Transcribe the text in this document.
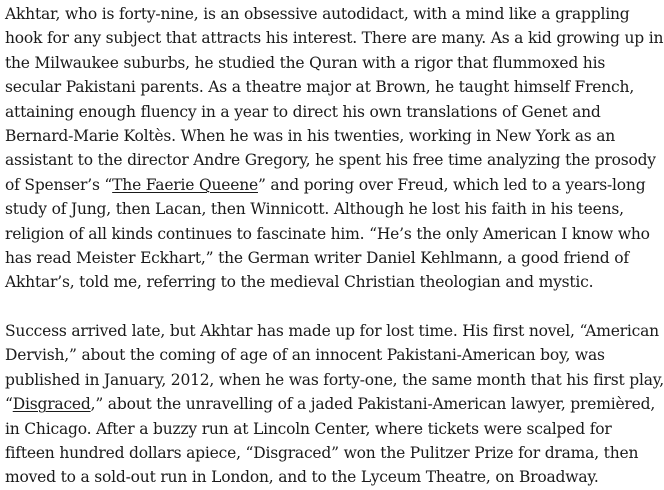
Akhtar, who is forty-nine, is an obsessive autodidact, with a mind like a grappling
hook for any subject that attracts his interest. There are many. As a kid growing up in
the Milwaukee suburbs, he studied the Quran with a rigor that flummoxed his
secular Pakistani parents. As a theatre major at Brown, he taught himself French,
attaining enough fluency in a year to direct his own translations of Genet and
Bernard-Marie Koltès. When he was in his twenties, working in New York as an
assistant to the director Andre Gregory, he spent his free time analyzing the prosody
of Spenser’s “The Faerie Queene” and poring over Freud, which led to a years-long
study of Jung, then Lacan, then Winnicott. Although he lost his faith in his teens,
religion of all kinds continues to fascinate him. “He’s the only American I know who
has read Meister Eckhart,” the German writer Daniel Kehlmann, a good friend of
Akhtar’s, told me, referring to the medieval Christian theologian and mystic.

Success arrived late, but Akhtar has made up for lost time. His first novel, “American
Dervish,” about the coming of age of an innocent Pakistani-American boy, was
published in January, 2012, when he was forty-one, the same month that his first play,
“Disgraced,” about the unravelling of a jaded Pakistani-American lawyer, premièred,
in Chicago. After a buzzy run at Lincoln Center, where tickets were scalped for
fifteen hundred dollars apiece, “Disgraced” won the Pulitzer Prize for drama, then
moved to a sold-out run in London, and to the Lyceum Theatre, on Broadway.
